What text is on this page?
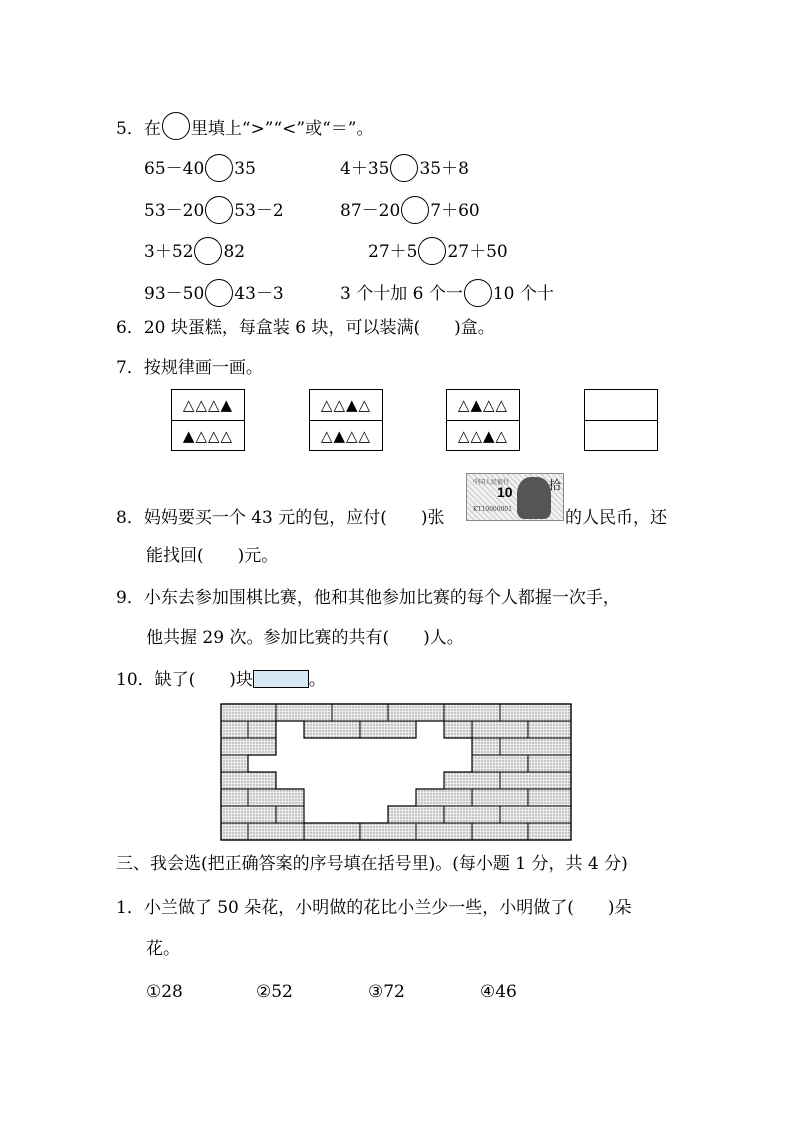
5．在 里填上“>”“<”或“＝”。
65－40 35	4＋35 35＋8
53－20 53－2	87－20 7＋60
3＋52 82	27＋5 27＋50
93－50 43－3	3 个十加 6 个一 10 个十
6．20 块蛋糕，每盒装 6 块，可以装满(　　)盒。
7．按规律画一画。
△△△▲
▲△△△
△△▲△
△▲△△
△▲△△
△△▲△
8．妈妈要买一个 43 元的包，应付(　　)张
中国人民银行
10
KT10000001
拾
的人民币，还
能找回(　　)元。
9．小东去参加围棋比赛，他和其他参加比赛的每个人都握一次手，
他共握 29 次。参加比赛的共有(　　)人。
10．缺了(　　)块	。
三、我会选(把正确答案的序号填在括号里)。(每小题 1 分，共 4 分)
1．小兰做了 50 朵花，小明做的花比小兰少一些，小明做了(　　)朵
花。
①28	②52	③72	④46
